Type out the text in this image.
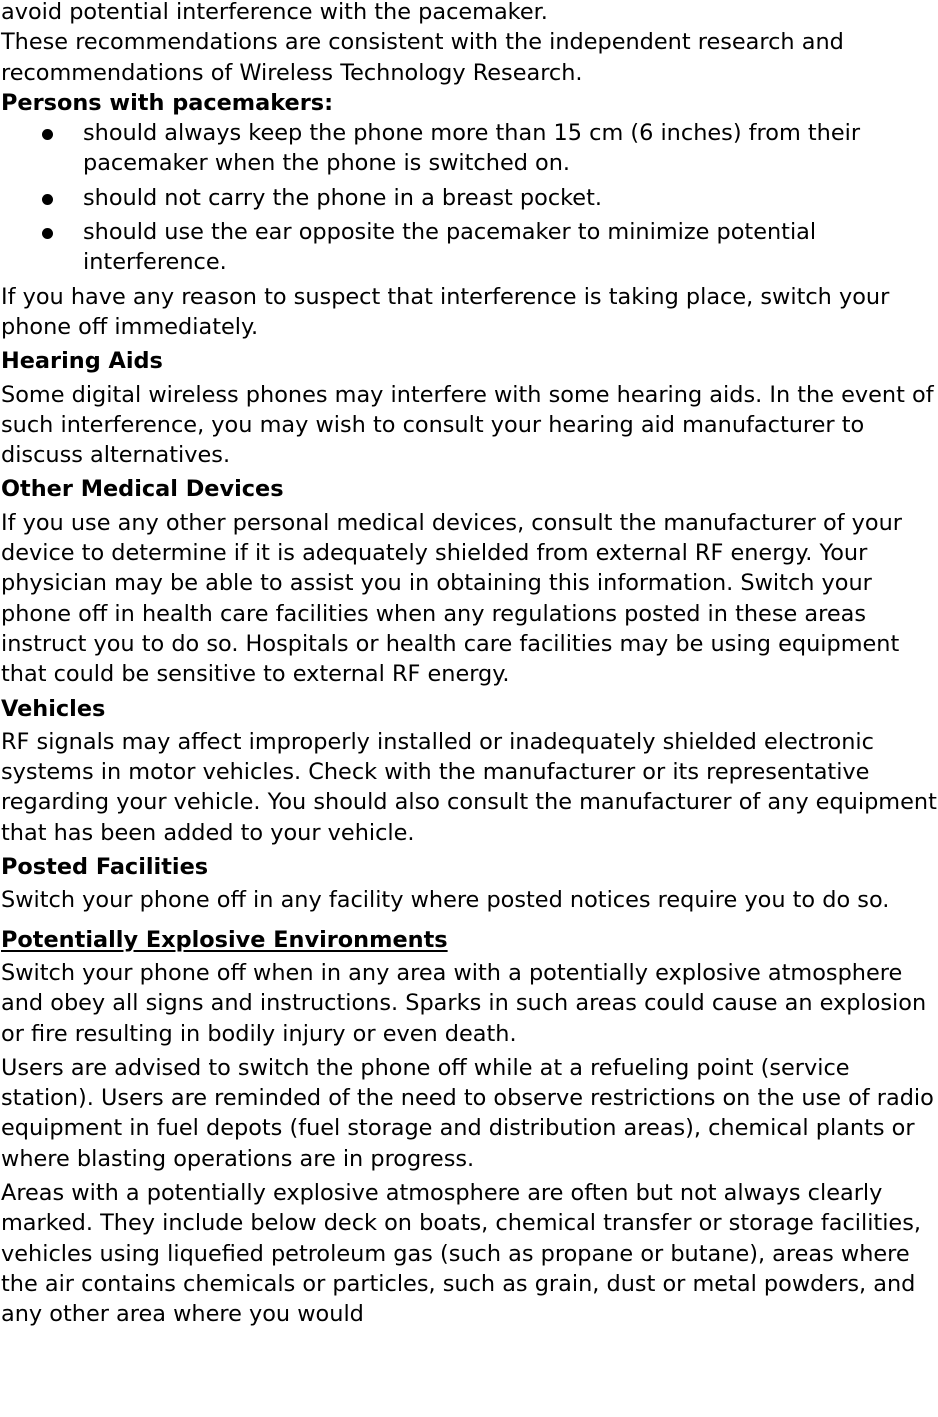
avoid potential interference with the pacemaker.

These recommendations are consistent with the independent research and recommendations of Wireless Technology Research.

Persons with pacemakers:
should always keep the phone more than 15 cm (6 inches) from their pacemaker when the phone is switched on.
should not carry the phone in a breast pocket.
should use the ear opposite the pacemaker to minimize potential interference.

If you have any reason to suspect that interference is taking place, switch your phone off immediately.

Hearing Aids

Some digital wireless phones may interfere with some hearing aids. In the event of such interference, you may wish to consult your hearing aid manufacturer to discuss alternatives.

Other Medical Devices

If you use any other personal medical devices, consult the manufacturer of your device to determine if it is adequately shielded from external RF energy. Your physician may be able to assist you in obtaining this information. Switch your phone off in health care facilities when any regulations posted in these areas instruct you to do so. Hospitals or health care facilities may be using equipment that could be sensitive to external RF energy.

Vehicles

RF signals may affect improperly installed or inadequately shielded electronic systems in motor vehicles. Check with the manufacturer or its representative regarding your vehicle. You should also consult the manufacturer of any equipment that has been added to your vehicle.

Posted Facilities

Switch your phone off in any facility where posted notices require you to do so.

Potentially Explosive Environments

Switch your phone off when in any area with a potentially explosive atmosphere and obey all signs and instructions. Sparks in such areas could cause an explosion or fire resulting in bodily injury or even death.

Users are advised to switch the phone off while at a refueling point (service station). Users are reminded of the need to observe restrictions on the use of radio equipment in fuel depots (fuel storage and distribution areas), chemical plants or where blasting operations are in progress.

Areas with a potentially explosive atmosphere are often but not always clearly marked. They include below deck on boats, chemical transfer or storage facilities, vehicles using liquefied petroleum gas (such as propane or butane), areas where the air contains chemicals or particles, such as grain, dust or metal powders, and any other area where you would
